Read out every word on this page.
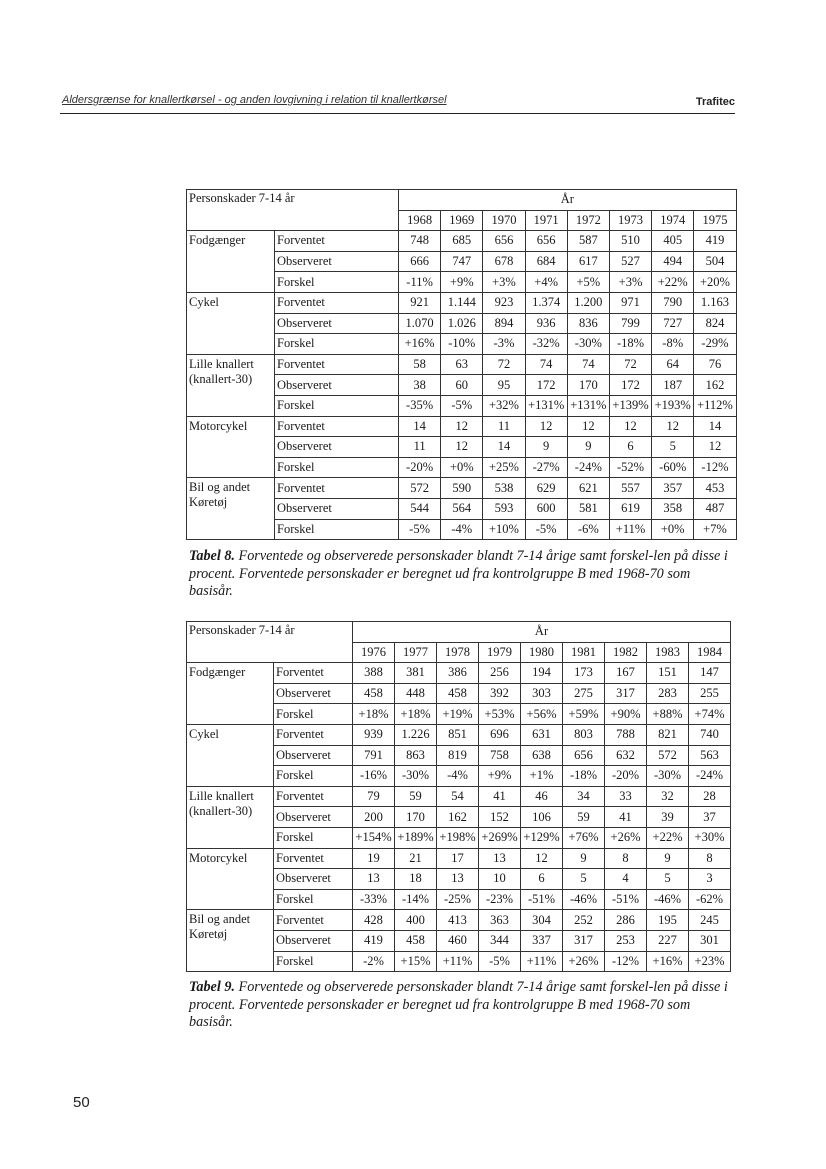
Aldersgrænse for knallertkørsel - og anden lovgivning i relation til knallertkørsel	Trafitec
Personskader 7-14 år		År							
		1968	1969	1970	1971	1972	1973	1974	1975
Fodgænger	Forventet	748	685	656	656	587	510	405	419
	Observeret	666	747	678	684	617	527	494	504
	Forskel	-11%	+9%	+3%	+4%	+5%	+3%	+22%	+20%
Cykel	Forventet	921	1.144	923	1.374	1.200	971	790	1.163
	Observeret	1.070	1.026	894	936	836	799	727	824
	Forskel	+16%	-10%	-3%	-32%	-30%	-18%	-8%	-29%
Lille knallert (knallert-30)	Forventet	58	63	72	74	74	72	64	76
	Observeret	38	60	95	172	170	172	187	162
	Forskel	-35%	-5%	+32%	+131%	+131%	+139%	+193%	+112%
Motorcykel	Forventet	14	12	11	12	12	12	12	14
	Observeret	11	12	14	9	9	6	5	12
	Forskel	-20%	+0%	+25%	-27%	-24%	-52%	-60%	-12%
Bil og andet Køretøj	Forventet	572	590	538	629	621	557	357	453
	Observeret	544	564	593	600	581	619	358	487
	Forskel	-5%	-4%	+10%	-5%	-6%	+11%	+0%	+7%
Tabel 8. Forventede og observerede personskader blandt 7-14 årige samt forskel-len på disse i procent. Forventede personskader er beregnet ud fra kontrolgruppe B med 1968-70 som basisår.
Personskader 7-14 år		År								
		1976	1977	1978	1979	1980	1981	1982	1983	1984
Fodgænger	Forventet	388	381	386	256	194	173	167	151	147
	Observeret	458	448	458	392	303	275	317	283	255
	Forskel	+18%	+18%	+19%	+53%	+56%	+59%	+90%	+88%	+74%
Cykel	Forventet	939	1.226	851	696	631	803	788	821	740
	Observeret	791	863	819	758	638	656	632	572	563
	Forskel	-16%	-30%	-4%	+9%	+1%	-18%	-20%	-30%	-24%
Lille knallert (knallert-30)	Forventet	79	59	54	41	46	34	33	32	28
	Observeret	200	170	162	152	106	59	41	39	37
	Forskel	+154%	+189%	+198%	+269%	+129%	+76%	+26%	+22%	+30%
Motorcykel	Forventet	19	21	17	13	12	9	8	9	8
	Observeret	13	18	13	10	6	5	4	5	3
	Forskel	-33%	-14%	-25%	-23%	-51%	-46%	-51%	-46%	-62%
Bil og andet Køretøj	Forventet	428	400	413	363	304	252	286	195	245
	Observeret	419	458	460	344	337	317	253	227	301
	Forskel	-2%	+15%	+11%	-5%	+11%	+26%	-12%	+16%	+23%
Tabel 9. Forventede og observerede personskader blandt 7-14 årige samt forskel-len på disse i procent. Forventede personskader er beregnet ud fra kontrolgruppe B med 1968-70 som basisår.
50
